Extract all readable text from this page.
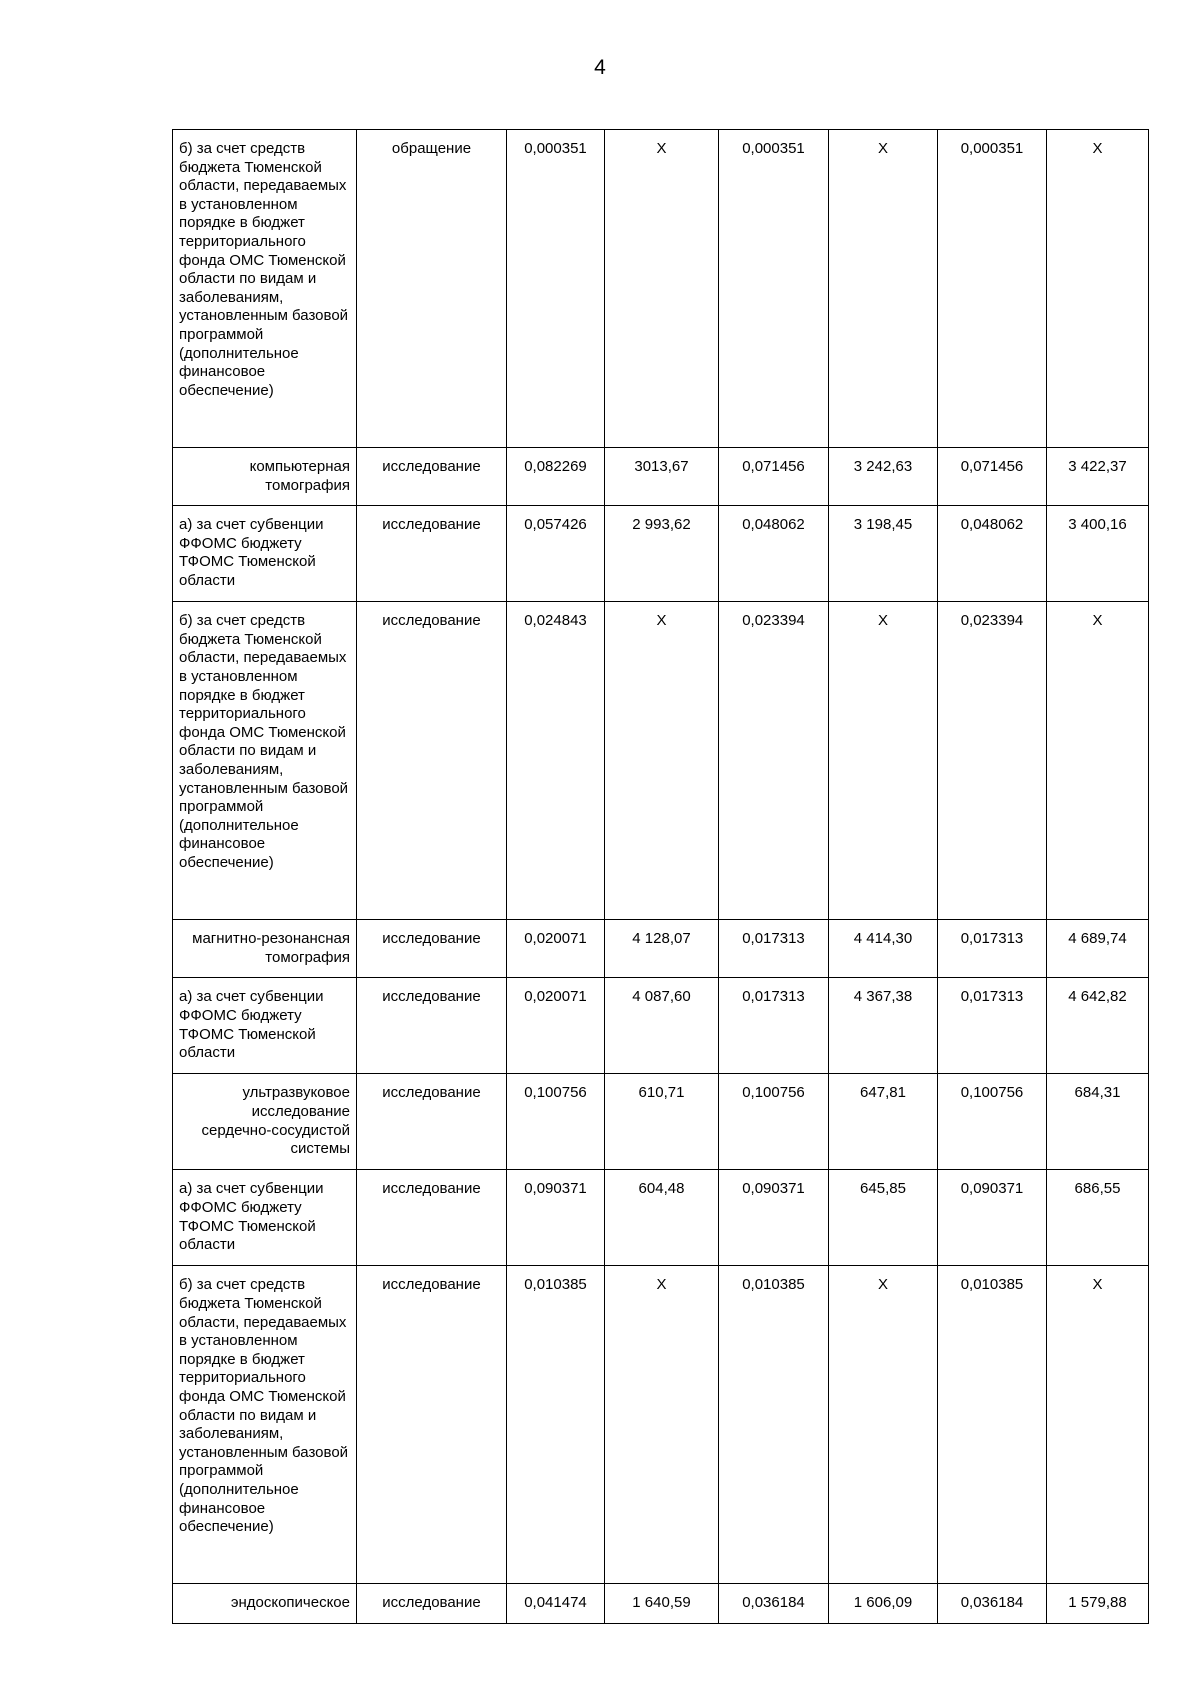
4
б) за счет средств бюджета Тюменской области, передаваемых в установленном порядке в бюджет территориального фонда ОМС Тюменской области по видам и заболеваниям, установленным базовой программой (дополнительное финансовое обеспечение)	обращение	0,000351	Х	0,000351	Х	0,000351	Х
компьютерная томография	исследование	0,082269	3013,67	0,071456	3 242,63	0,071456	3 422,37
а) за счет субвенции ФФОМС бюджету ТФОМС Тюменской области	исследование	0,057426	2 993,62	0,048062	3 198,45	0,048062	3 400,16
б) за счет средств бюджета Тюменской области, передаваемых в установленном порядке в бюджет территориального фонда ОМС Тюменской области по видам и заболеваниям, установленным базовой программой (дополнительное финансовое обеспечение)	исследование	0,024843	Х	0,023394	Х	0,023394	Х
магнитно-резонансная томография	исследование	0,020071	4 128,07	0,017313	4 414,30	0,017313	4 689,74
а) за счет субвенции ФФОМС бюджету ТФОМС Тюменской области	исследование	0,020071	4 087,60	0,017313	4 367,38	0,017313	4 642,82
ультразвуковое исследование сердечно-сосудистой системы	исследование	0,100756	610,71	0,100756	647,81	0,100756	684,31
а) за счет субвенции ФФОМС бюджету ТФОМС Тюменской области	исследование	0,090371	604,48	0,090371	645,85	0,090371	686,55
б) за счет средств бюджета Тюменской области, передаваемых в установленном порядке в бюджет территориального фонда ОМС Тюменской области по видам и заболеваниям, установленным базовой программой (дополнительное финансовое обеспечение)	исследование	0,010385	Х	0,010385	Х	0,010385	Х
эндоскопическое	исследование	0,041474	1 640,59	0,036184	1 606,09	0,036184	1 579,88
